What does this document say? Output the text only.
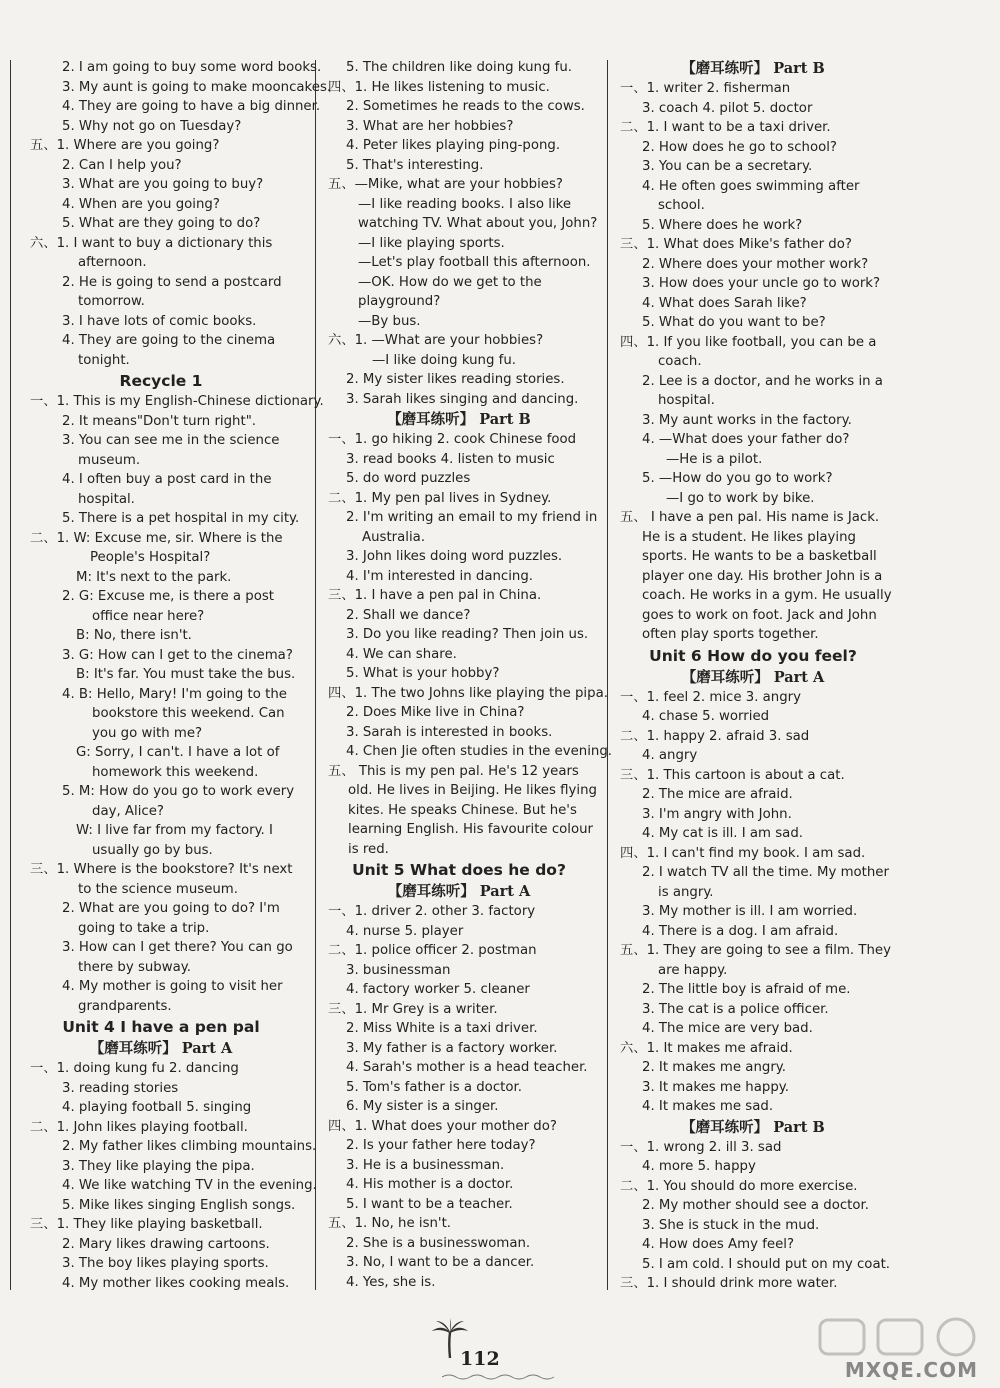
2. I am going to buy some word books.
3. My aunt is going to make mooncakes.
4. They are going to have a big dinner.
5. Why not go on Tuesday?
五、1. Where are you going?
2. Can I help you?
3. What are you going to buy?
4. When are you going?
5. What are they going to do?
六、1. I want to buy a dictionary this
afternoon.
2. He is going to send a postcard
tomorrow.
3. I have lots of comic books.
4. They are going to the cinema
tonight.
Recycle 1
一、1. This is my English-Chinese dictionary.
2. It means"Don't turn right".
3. You can see me in the science
museum.
4. I often buy a post card in the
hospital.
5. There is a pet hospital in my city.
二、1. W: Excuse me, sir. Where is the
People's Hospital?
M: It's next to the park.
2. G: Excuse me, is there a post
office near here?
B: No, there isn't.
3. G: How can I get to the cinema?
B: It's far. You must take the bus.
4. B: Hello, Mary! I'm going to the
bookstore this weekend. Can
you go with me?
G: Sorry, I can't. I have a lot of
homework this weekend.
5. M: How do you go to work every
day, Alice?
W: I live far from my factory. I
usually go by bus.
三、1. Where is the bookstore? It's next
to the science museum.
2. What are you going to do? I'm
going to take a trip.
3. How can I get there? You can go
there by subway.
4. My mother is going to visit her
grandparents.
Unit 4 I have a pen pal
【磨耳练听】 Part A
一、1. doing kung fu 2. dancing
3. reading stories
4. playing football 5. singing
二、1. John likes playing football.
2. My father likes climbing mountains.
3. They like playing the pipa.
4. We like watching TV in the evening.
5. Mike likes singing English songs.
三、1. They like playing basketball.
2. Mary likes drawing cartoons.
3. The boy likes playing sports.
4. My mother likes cooking meals.
5. The children like doing kung fu.
四、1. He likes listening to music.
2. Sometimes he reads to the cows.
3. What are her hobbies?
4. Peter likes playing ping-pong.
5. That's interesting.
五、—Mike, what are your hobbies?
—I like reading books. I also like
watching TV. What about you, John?
—I like playing sports.
—Let's play football this afternoon.
—OK. How do we get to the
playground?
—By bus.
六、1. —What are your hobbies?
—I like doing kung fu.
2. My sister likes reading stories.
3. Sarah likes singing and dancing.
【磨耳练听】 Part B
一、1. go hiking 2. cook Chinese food
3. read books 4. listen to music
5. do word puzzles
二、1. My pen pal lives in Sydney.
2. I'm writing an email to my friend in
Australia.
3. John likes doing word puzzles.
4. I'm interested in dancing.
三、1. I have a pen pal in China.
2. Shall we dance?
3. Do you like reading? Then join us.
4. We can share.
5. What is your hobby?
四、1. The two Johns like playing the pipa.
2. Does Mike live in China?
3. Sarah is interested in books.
4. Chen Jie often studies in the evening.
五、 This is my pen pal. He's 12 years
old. He lives in Beijing. He likes flying
kites. He speaks Chinese. But he's
learning English. His favourite colour
is red.
Unit 5 What does he do?
【磨耳练听】 Part A
一、1. driver 2. other 3. factory
4. nurse 5. player
二、1. police officer 2. postman
3. businessman
4. factory worker 5. cleaner
三、1. Mr Grey is a writer.
2. Miss White is a taxi driver.
3. My father is a factory worker.
4. Sarah's mother is a head teacher.
5. Tom's father is a doctor.
6. My sister is a singer.
四、1. What does your mother do?
2. Is your father here today?
3. He is a businessman.
4. His mother is a doctor.
5. I want to be a teacher.
五、1. No, he isn't.
2. She is a businesswoman.
3. No, I want to be a dancer.
4. Yes, she is.
【磨耳练听】 Part B
一、1. writer 2. fisherman
3. coach 4. pilot 5. doctor
二、1. I want to be a taxi driver.
2. How does he go to school?
3. You can be a secretary.
4. He often goes swimming after
school.
5. Where does he work?
三、1. What does Mike's father do?
2. Where does your mother work?
3. How does your uncle go to work?
4. What does Sarah like?
5. What do you want to be?
四、1. If you like football, you can be a
coach.
2. Lee is a doctor, and he works in a
hospital.
3. My aunt works in the factory.
4. —What does your father do?
—He is a pilot.
5. —How do you go to work?
—I go to work by bike.
五、 I have a pen pal. His name is Jack.
He is a student. He likes playing
sports. He wants to be a basketball
player one day. His brother John is a
coach. He works in a gym. He usually
goes to work on foot. Jack and John
often play sports together.
Unit 6 How do you feel?
【磨耳练听】 Part A
一、1. feel 2. mice 3. angry
4. chase 5. worried
二、1. happy 2. afraid 3. sad
4. angry
三、1. This cartoon is about a cat.
2. The mice are afraid.
3. I'm angry with John.
4. My cat is ill. I am sad.
四、1. I can't find my book. I am sad.
2. I watch TV all the time. My mother
is angry.
3. My mother is ill. I am worried.
4. There is a dog. I am afraid.
五、1. They are going to see a film. They
are happy.
2. The little boy is afraid of me.
3. The cat is a police officer.
4. The mice are very bad.
六、1. It makes me afraid.
2. It makes me angry.
3. It makes me happy.
4. It makes me sad.
【磨耳练听】 Part B
一、1. wrong 2. ill 3. sad
4. more 5. happy
二、1. You should do more exercise.
2. My mother should see a doctor.
3. She is stuck in the mud.
4. How does Amy feel?
5. I am cold. I should put on my coat.
三、1. I should drink more water.
112	MXQE.COM
